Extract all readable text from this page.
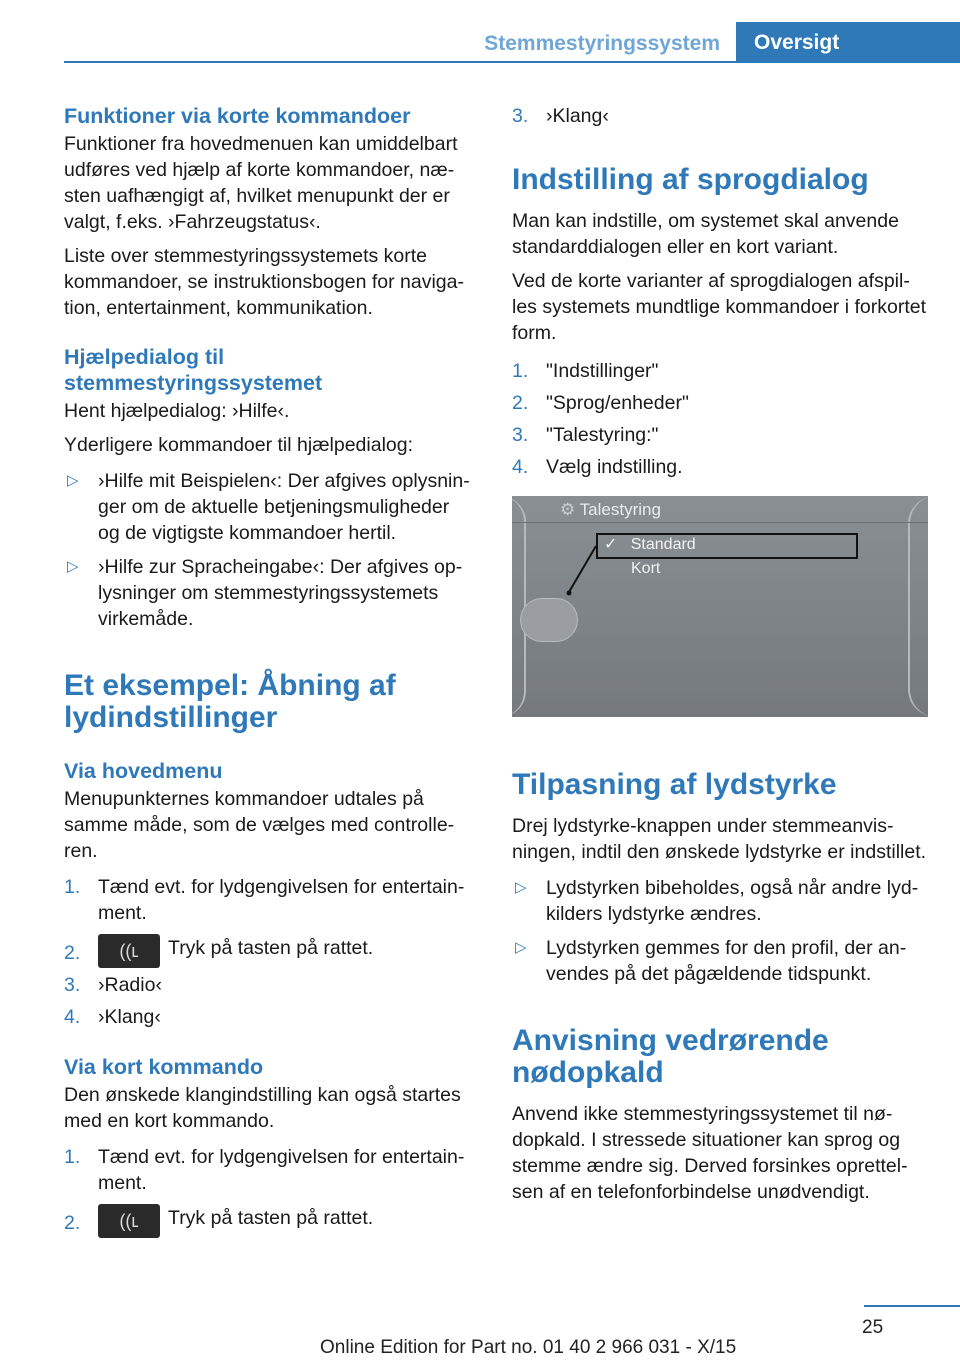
Stemmestyringssystem	Oversigt
Funktioner via korte kommandoer

Funktioner fra hovedmenuen kan umiddelbart udføres ved hjælp af korte kommandoer, næsten uafhængigt af, hvilket menupunkt der er valgt, f.eks. ›Fahrzeugstatus‹.

Liste over stemmestyringssystemets korte kommandoer, se instruktionsbogen for navigation, entertainment, kommunikation.

Hjælpedialog til stemmestyringssystemet

Hent hjælpedialog: ›Hilfe‹.

Yderligere kommandoer til hjælpedialog:

▷ ›Hilfe mit Beispielen‹: Der afgives oplysninger om de aktuelle betjeningsmuligheder og de vigtigste kommandoer hertil.
▷ ›Hilfe zur Spracheingabe‹: Der afgives oplysninger om stemmestyringssystemets virkemåde.
Et eksempel: Åbning af lydindstillinger
Via hovedmenu

Menupunkternes kommandoer udtales på samme måde, som de vælges med controlleren.

1. Tænd evt. for lydgengivelsen for entertainment.
2. ((ʟ Tryk på tasten på rattet.
3. ›Radio‹
4. ›Klang‹
Via kort kommando

Den ønskede klangindstilling kan også startes med en kort kommando.

1. Tænd evt. for lydgengivelsen for entertainment.
2. ((ʟ Tryk på tasten på rattet.
3. ›Klang‹
Indstilling af sprogdialog

Man kan indstille, om systemet skal anvende standarddialogen eller en kort variant.

Ved de korte varianter af sprogdialogen afspilles systemets mundtlige kommandoer i forkortet form.

1. "Indstillinger"
2. "Sprog/enheder"
3. "Talestyring:"
4. Vælg indstilling.
⚙ Talestyring
✓ Standard
Kort
Tilpasning af lydstyrke

Drej lydstyrke-knappen under stemmeanvisningen, indtil den ønskede lydstyrke er indstillet.

▷ Lydstyrken bibeholdes, også når andre lydkilders lydstyrke ændres.
▷ Lydstyrken gemmes for den profil, der anvendes på det pågældende tidspunkt.
Anvisning vedrørende nødopkald

Anvend ikke stemmestyringssystemet til nødopkald. I stressede situationer kan sprog og stemme ændre sig. Derved forsinkes oprettelsen af en telefonforbindelse unødvendigt.

25
Online Edition for Part no. 01 40 2 966 031 - X/15
